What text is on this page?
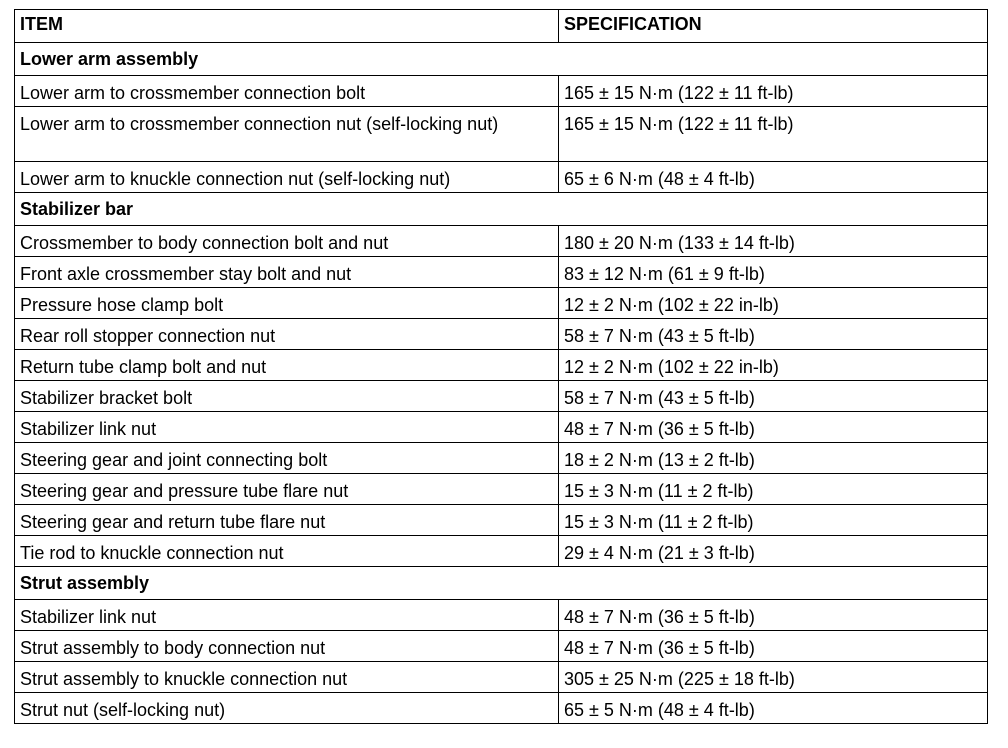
ITEM	SPECIFICATION
Lower arm assembly	
Lower arm to crossmember connection bolt	165 ± 15 N·m (122 ± 11 ft-lb)
Lower arm to crossmember connection nut (self-locking nut)	165 ± 15 N·m (122 ± 11 ft-lb)
Lower arm to knuckle connection nut (self-locking nut)	65 ± 6 N·m (48 ± 4 ft-lb)
Stabilizer bar	
Crossmember to body connection bolt and nut	180 ± 20 N·m (133 ± 14 ft-lb)
Front axle crossmember stay bolt and nut	83 ± 12 N·m (61 ± 9 ft-lb)
Pressure hose clamp bolt	12 ± 2 N·m (102 ± 22 in-lb)
Rear roll stopper connection nut	58 ± 7 N·m (43 ± 5 ft-lb)
Return tube clamp bolt and nut	12 ± 2 N·m (102 ± 22 in-lb)
Stabilizer bracket bolt	58 ± 7 N·m (43 ± 5 ft-lb)
Stabilizer link nut	48 ± 7 N·m (36 ± 5 ft-lb)
Steering gear and joint connecting bolt	18 ± 2 N·m (13 ± 2 ft-lb)
Steering gear and pressure tube flare nut	15 ± 3 N·m (11 ± 2 ft-lb)
Steering gear and return tube flare nut	15 ± 3 N·m (11 ± 2 ft-lb)
Tie rod to knuckle connection nut	29 ± 4 N·m (21 ± 3 ft-lb)
Strut assembly	
Stabilizer link nut	48 ± 7 N·m (36 ± 5 ft-lb)
Strut assembly to body connection nut	48 ± 7 N·m (36 ± 5 ft-lb)
Strut assembly to knuckle connection nut	305 ± 25 N·m (225 ± 18 ft-lb)
Strut nut (self-locking nut)	65 ± 5 N·m (48 ± 4 ft-lb)
